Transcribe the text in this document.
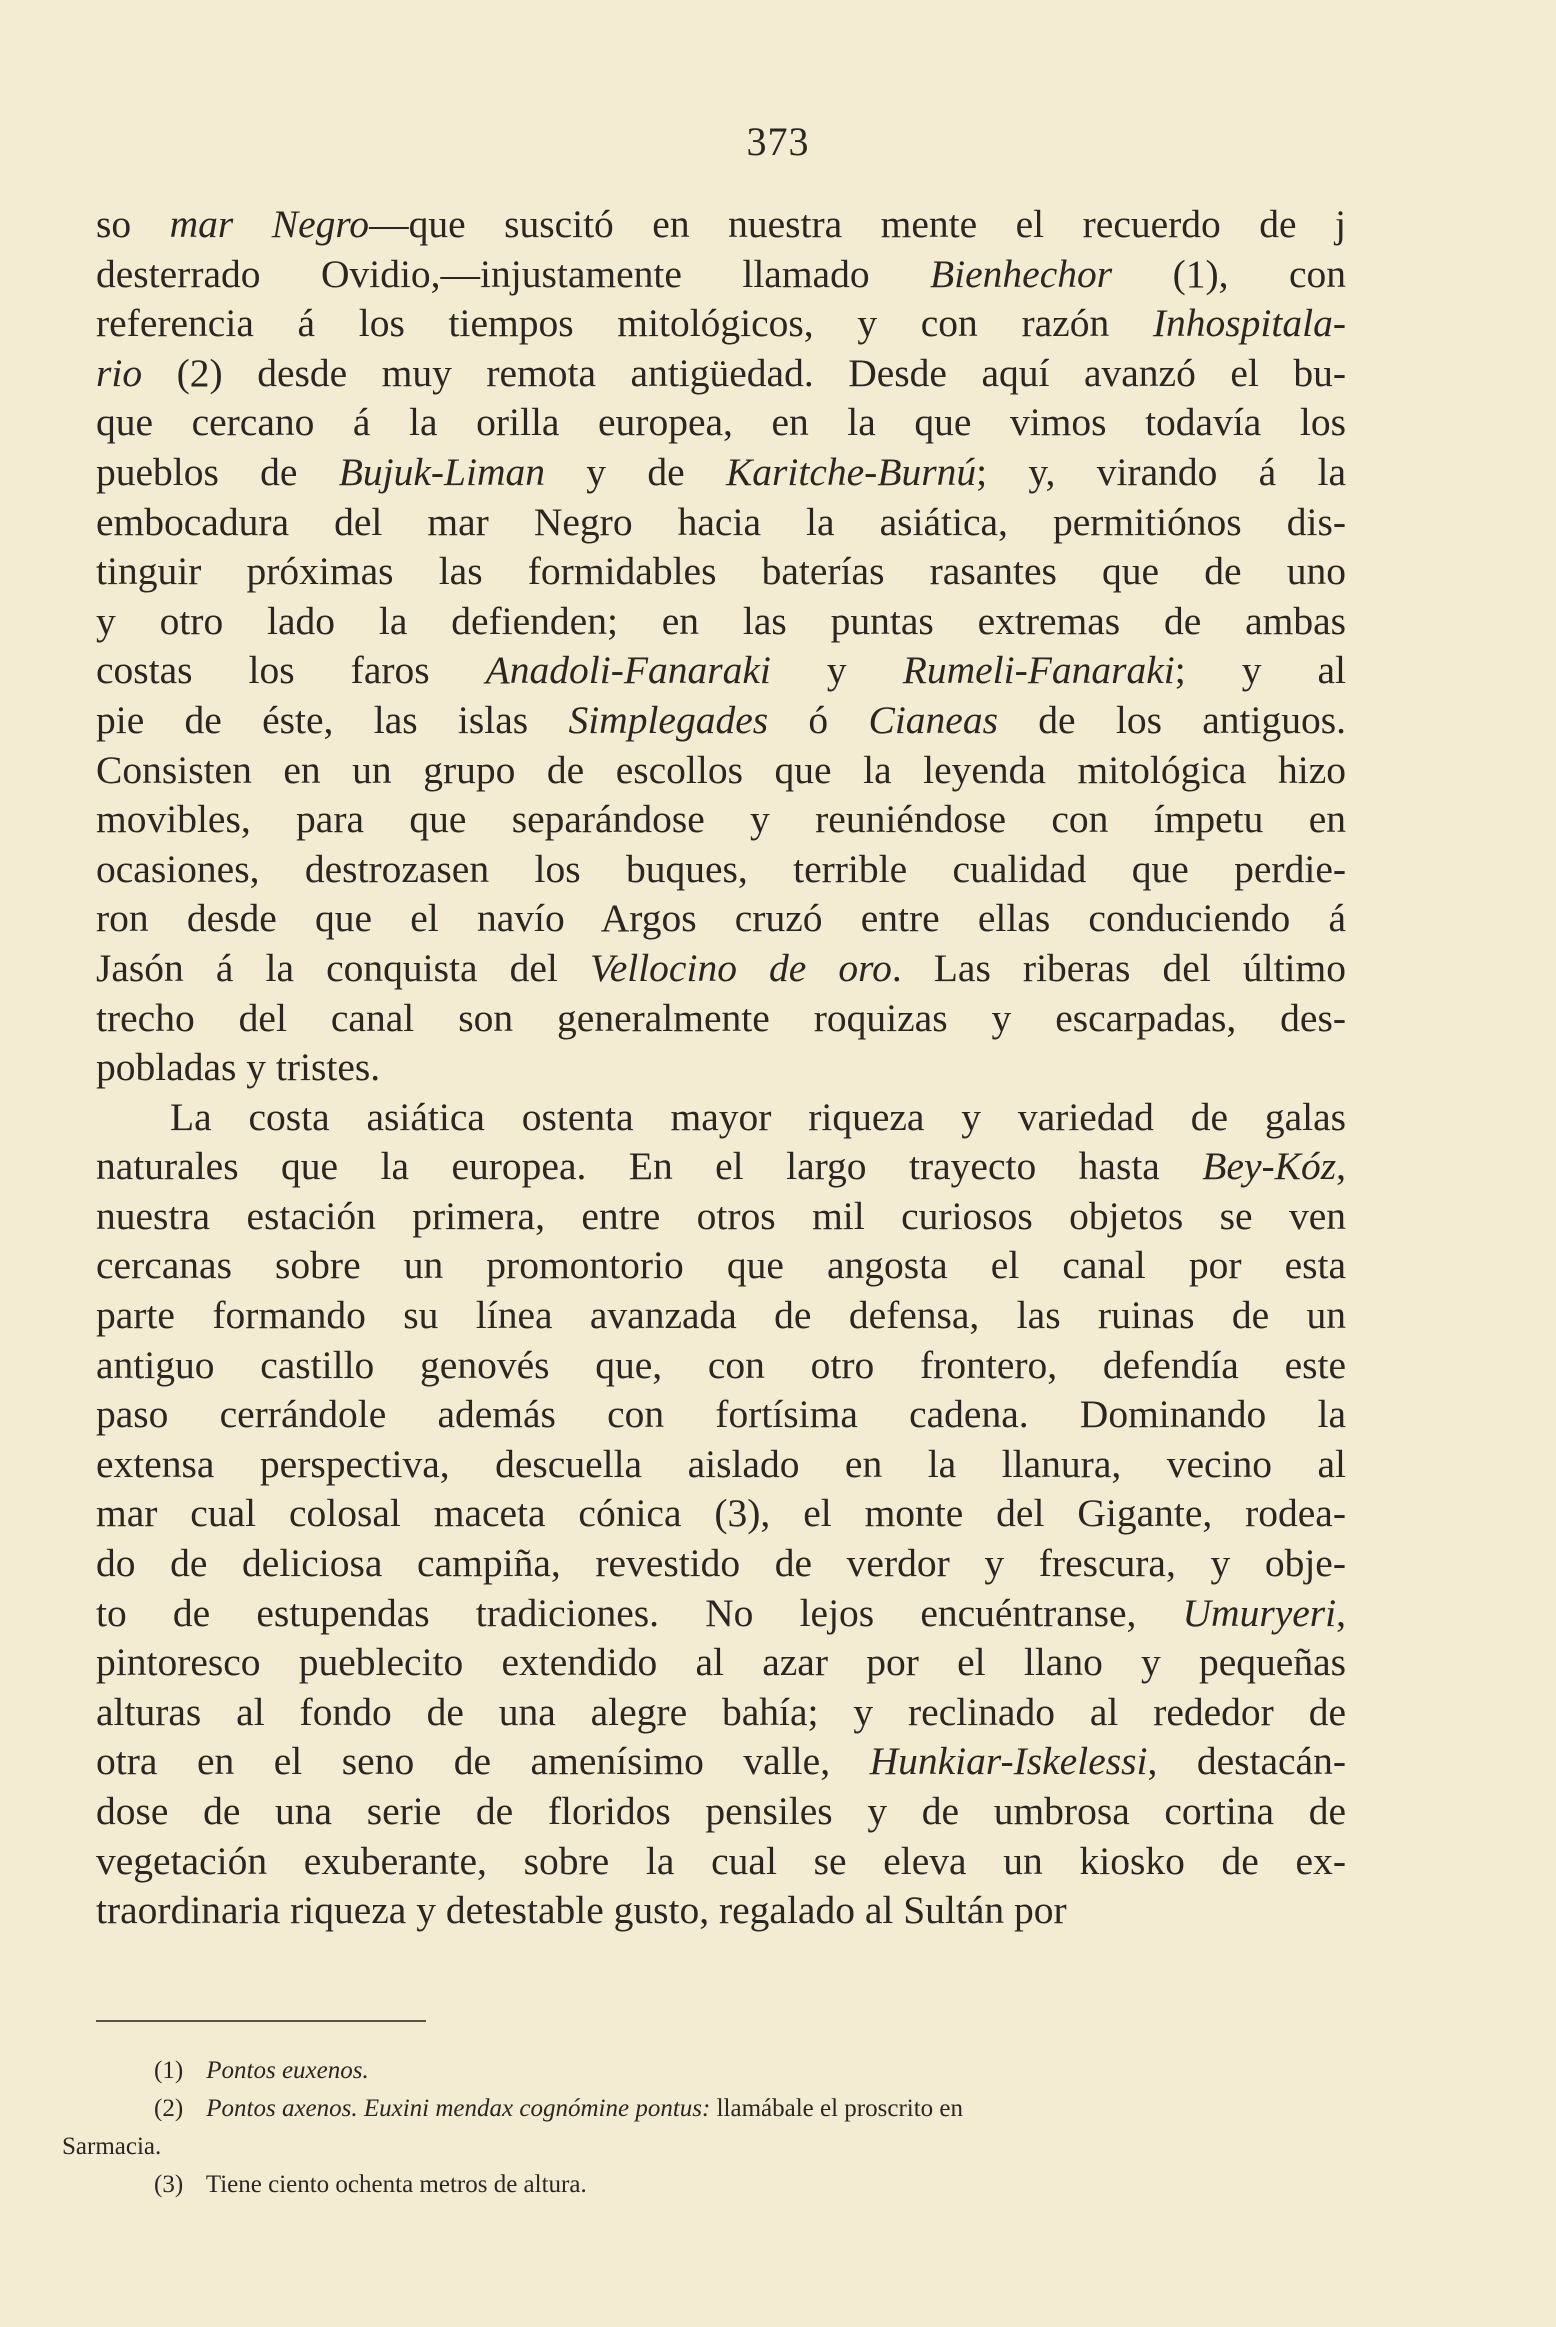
373
so mar Negro—que suscitó en nuestra mente el recuerdo de j
desterrado Ovidio,—injustamente llamado Bienhechor (1), con
referencia á los tiempos mitológicos, y con razón Inhospitala-
rio (2) desde muy remota antigüedad. Desde aquí avanzó el bu-
que cercano á la orilla europea, en la que vimos todavía los
pueblos de Bujuk-Liman y de Karitche-Burnú; y, virando á la
embocadura del mar Negro hacia la asiática, permitiónos dis-
tinguir próximas las formidables baterías rasantes que de uno
y otro lado la defienden; en las puntas extremas de ambas
costas los faros Anadoli-Fanaraki y Rumeli-Fanaraki; y al
pie de éste, las islas Simplegades ó Cianeas de los antiguos.
Consisten en un grupo de escollos que la leyenda mitológica hizo
movibles, para que separándose y reuniéndose con ímpetu en
ocasiones, destrozasen los buques, terrible cualidad que perdie-
ron desde que el navío Argos cruzó entre ellas conduciendo á
Jasón á la conquista del Vellocino de oro. Las riberas del último
trecho del canal son generalmente roquizas y escarpadas, des-
pobladas y tristes.
La costa asiática ostenta mayor riqueza y variedad de galas
naturales que la europea. En el largo trayecto hasta Bey-Kóz,
nuestra estación primera, entre otros mil curiosos objetos se ven
cercanas sobre un promontorio que angosta el canal por esta
parte formando su línea avanzada de defensa, las ruinas de un
antiguo castillo genovés que, con otro frontero, defendía este
paso cerrándole además con fortísima cadena. Dominando la
extensa perspectiva, descuella aislado en la llanura, vecino al
mar cual colosal maceta cónica (3), el monte del Gigante, rodea-
do de deliciosa campiña, revestido de verdor y frescura, y obje-
to de estupendas tradiciones. No lejos encuéntranse, Umuryeri,
pintoresco pueblecito extendido al azar por el llano y pequeñas
alturas al fondo de una alegre bahía; y reclinado al rededor de
otra en el seno de amenísimo valle, Hunkiar-Iskelessi, destacán-
dose de una serie de floridos pensiles y de umbrosa cortina de
vegetación exuberante, sobre la cual se eleva un kiosko de ex-
traordinaria riqueza y detestable gusto, regalado al Sultán por
(1) Pontos euxenos.
(2) Pontos axenos. Euxini mendax cognómine pontus: llamábale el proscrito en
Sarmacia.
(3) Tiene ciento ochenta metros de altura.
